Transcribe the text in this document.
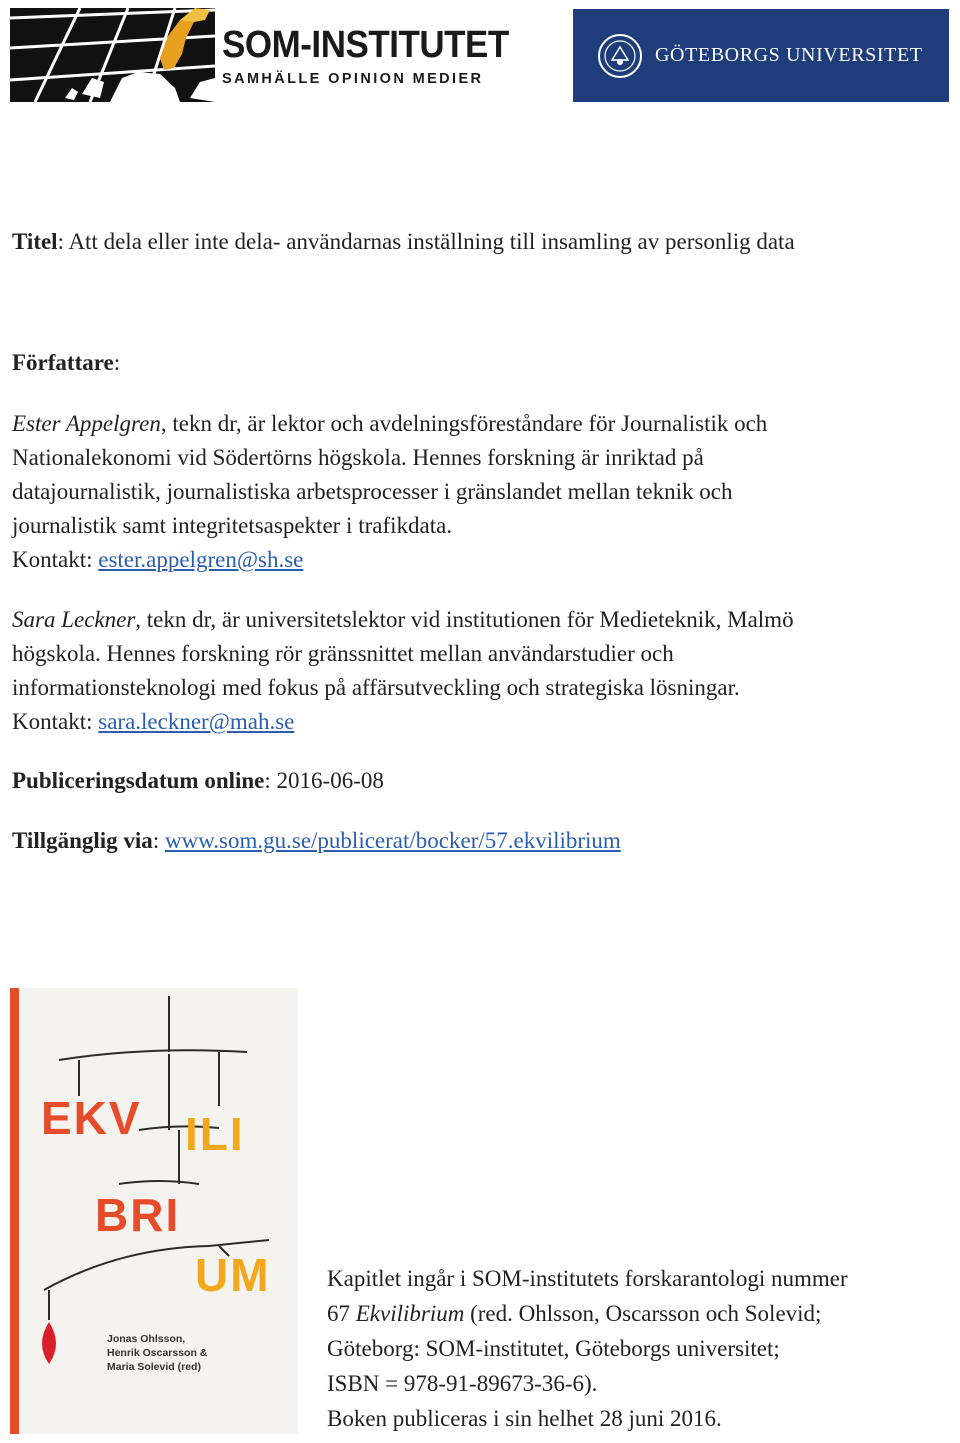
SOM-INSTITUTET
SAMHÄLLE OPINION MEDIER
GÖTEBORGS UNIVERSITET
Titel: Att dela eller inte dela- användarnas inställning till insamling av personlig data
Författare:
Ester Appelgren, tekn dr, är lektor och avdelningsföreståndare för Journalistik och
Nationalekonomi vid Södertörns högskola. Hennes forskning är inriktad på
datajournalistik, journalistiska arbetsprocesser i gränslandet mellan teknik och
journalistik samt integritetsaspekter i trafikdata.
Kontakt: ester.appelgren@sh.se
Sara Leckner, tekn dr, är universitetslektor vid institutionen för Medieteknik, Malmö
högskola. Hennes forskning rör gränssnittet mellan användarstudier och
informationsteknologi med fokus på affärsutveckling och strategiska lösningar.
Kontakt: sara.leckner@mah.se
Publiceringsdatum online: 2016-06-08
Tillgänglig via: www.som.gu.se/publicerat/bocker/57.ekvilibrium
EKV ILI
BRI
UM
Jonas Ohlsson,
Henrik Oscarsson &
Maria Solevid (red)
Kapitlet ingår i SOM-institutets forskarantologi nummer
67 Ekvilibrium (red. Ohlsson, Oscarsson och Solevid;
Göteborg: SOM-institutet, Göteborgs universitet;
ISBN = 978-91-89673-36-6).
Boken publiceras i sin helhet 28 juni 2016.
